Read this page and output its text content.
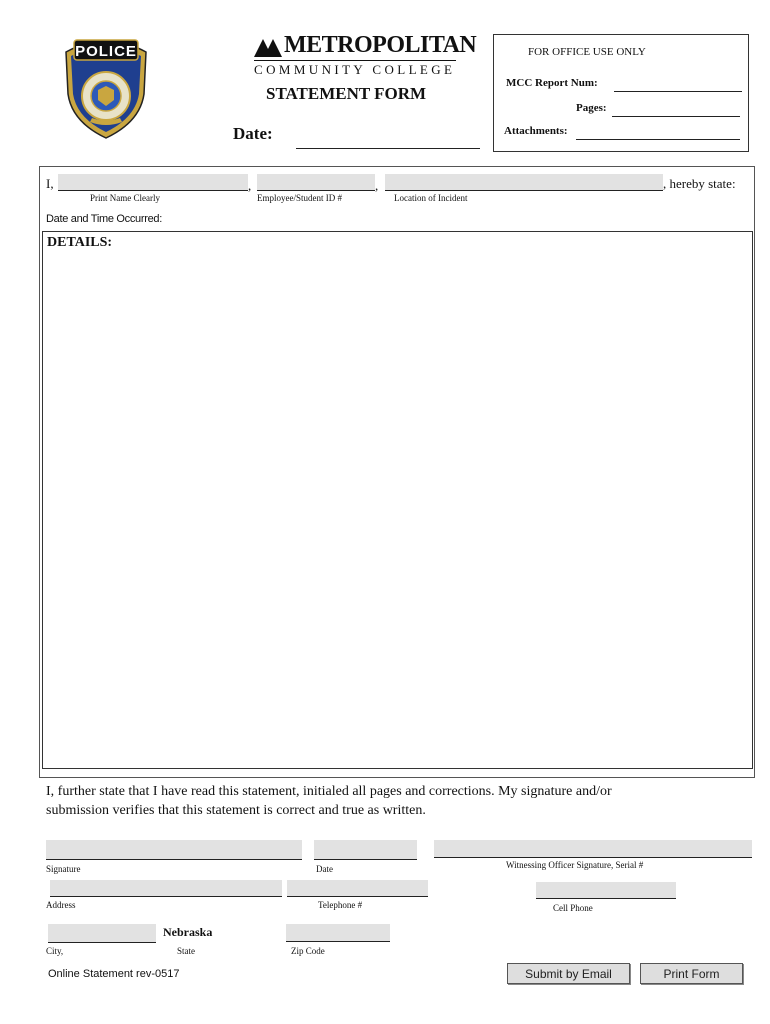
POLICE	METROPOLITAN
COMMUNITY COLLEGE
STATEMENT FORM
Date:
FOR OFFICE USE ONLY
MCC Report Num:
Pages:
Attachments:
I,	,	,	, hereby state:
Print Name Clearly	Employee/Student ID #	Location of Incident
Date and Time Occurred:
DETAILS:
I, further state that I have read this statement, initialed all pages and corrections. My signature and/or
submission verifies that this statement is correct and true as written.
Signature	Date	Witnessing Officer Signature, Serial #
Address	Telephone #	Cell Phone
Nebraska
City,	State	Zip Code
Online Statement rev-0517	Submit by Email	Print Form
